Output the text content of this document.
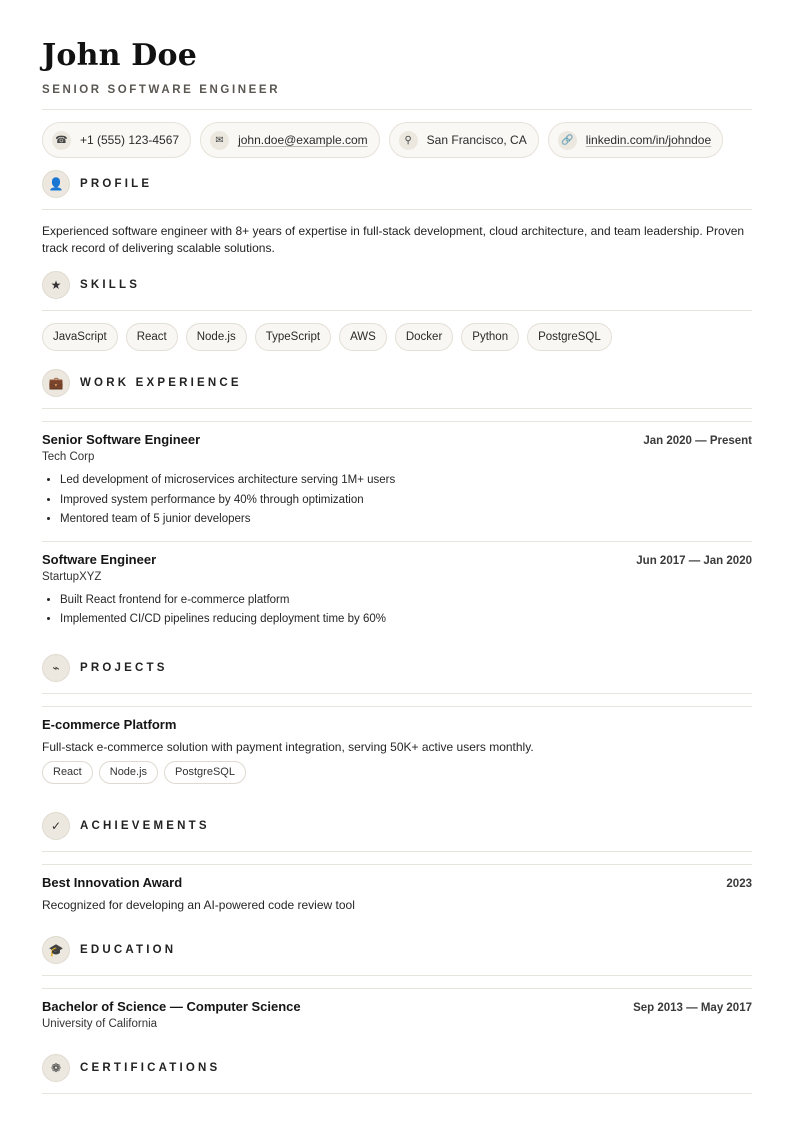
John Doe
SENIOR SOFTWARE ENGINEER
☎ +1 (555) 123-4567	✉	john.doe@example.com	⚲	San Francisco, CA	🔗 linkedin.com/in/johndoe
👤	PROFILE
Experienced software engineer with 8+ years of expertise in full-stack development, cloud architecture, and team leadership. Proven track record of delivering scalable solutions.
★	SKILLS
JavaScript	React	Node.js	TypeScript	AWS	Docker	Python	PostgreSQL
💼	WORK EXPERIENCE
Senior Software Engineer	Jan 2020 — Present
Tech Corp
• Led development of microservices architecture serving 1M+ users
• Improved system performance by 40% through optimization
• Mentored team of 5 junior developers
Software Engineer	Jun 2017 — Jan 2020
StartupXYZ
• Built React frontend for e-commerce platform
• Implemented CI/CD pipelines reducing deployment time by 60%
⌁	PROJECTS
E-commerce Platform
Full-stack e-commerce solution with payment integration, serving 50K+ active users monthly.
React	Node.js	PostgreSQL
✓	ACHIEVEMENTS
Best Innovation Award	2023
Recognized for developing an AI-powered code review tool
🎓	EDUCATION
Bachelor of Science — Computer Science	Sep 2013 — May 2017
University of California
❁	CERTIFICATIONS
